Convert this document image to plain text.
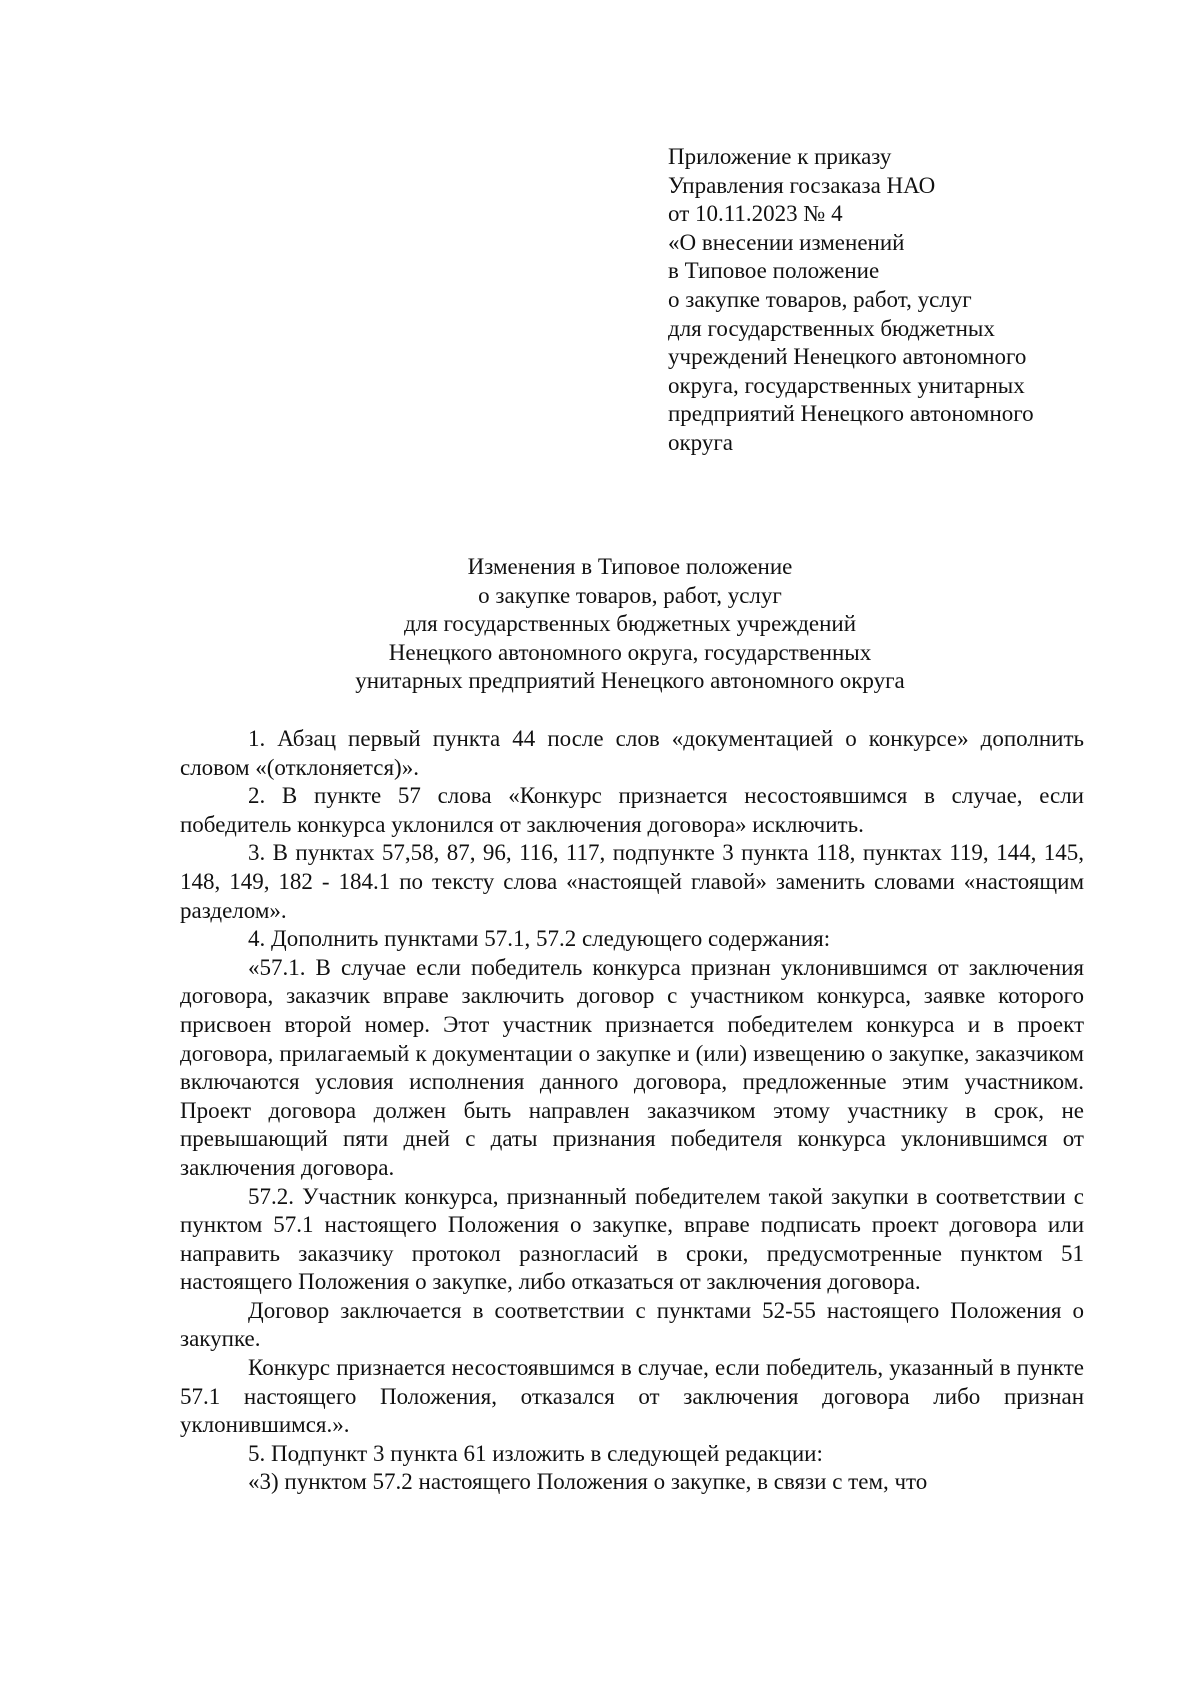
Приложение к приказу
Управления госзаказа НАО
от 10.11.2023 № 4
«О внесении изменений
в Типовое положение
о закупке товаров, работ, услуг
для государственных бюджетных
учреждений Ненецкого автономного
округа, государственных унитарных
предприятий Ненецкого автономного
округа
Изменения в Типовое положение
о закупке товаров, работ, услуг
для государственных бюджетных учреждений
Ненецкого автономного округа, государственных
унитарных предприятий Ненецкого автономного округа

1. Абзац первый пункта 44 после слов «документацией о конкурсе» дополнить словом «(отклоняется)».

2. В пункте 57 слова «Конкурс признается несостоявшимся в случае, если победитель конкурса уклонился от заключения договора» исключить.

3. В пунктах 57,58, 87, 96, 116, 117, подпункте 3 пункта 118, пунктах 119, 144, 145, 148, 149, 182 - 184.1 по тексту слова «настоящей главой» заменить словами «настоящим разделом».

4. Дополнить пунктами 57.1, 57.2 следующего содержания:

«57.1. В случае если победитель конкурса признан уклонившимся от заключения договора, заказчик вправе заключить договор с участником конкурса, заявке которого присвоен второй номер. Этот участник признается победителем конкурса и в проект договора, прилагаемый к документации о закупке и (или) извещению о закупке, заказчиком включаются условия исполнения данного договора, предложенные этим участником. Проект договора должен быть направлен заказчиком этому участнику в срок, не превышающий пяти дней с даты признания победителя конкурса уклонившимся от заключения договора.

57.2. Участник конкурса, признанный победителем такой закупки в соответствии с пунктом 57.1 настоящего Положения о закупке, вправе подписать проект договора или направить заказчику протокол разногласий в сроки, предусмотренные пунктом 51 настоящего Положения о закупке, либо отказаться от заключения договора.

Договор заключается в соответствии с пунктами 52-55 настоящего Положения о закупке.

Конкурс признается несостоявшимся в случае, если победитель, указанный в пункте 57.1 настоящего Положения, отказался от заключения договора либо признан уклонившимся.».

5. Подпункт 3 пункта 61 изложить в следующей редакции:

«3) пунктом 57.2 настоящего Положения о закупке, в связи с тем, что
